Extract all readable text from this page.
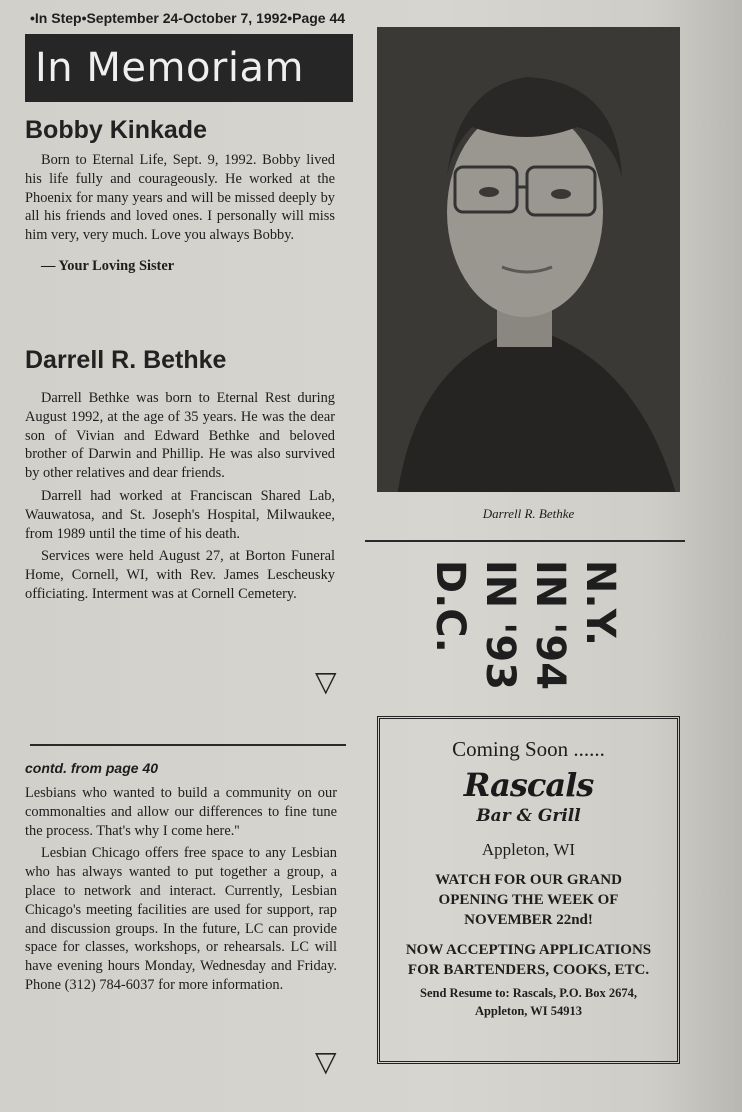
•In Step•September 24-October 7, 1992•Page 44
In Memoriam
Bobby Kinkade

Born to Eternal Life, Sept. 9, 1992. Bobby lived his life fully and courageously. He worked at the Phoenix for many years and will be missed deeply by all his friends and loved ones. I personally will miss him very, very much. Love you always Bobby.

— Your Loving Sister

Darrell R. Bethke

Darrell Bethke was born to Eternal Rest during August 1992, at the age of 35 years. He was the dear son of Vivian and Edward Bethke and beloved brother of Darwin and Phillip. He was also survived by other relatives and dear friends.

Darrell had worked at Franciscan Shared Lab, Wauwatosa, and St. Joseph's Hospital, Milwaukee, from 1989 until the time of his death.

Services were held August 27, at Borton Funeral Home, Cornell, WI, with Rev. James Lescheusky officiating. Interment was at Cornell Cemetery.

▽
contd. from page 40

Lesbians who wanted to build a community on our commonalties and allow our differences to fine tune the process. That's why I come here.''

Lesbian Chicago offers free space to any Lesbian who has always wanted to put together a group, a place to network and interact. Currently, Lesbian Chicago's meeting facilities are used for support, rap and discussion groups. In the future, LC can provide space for classes, workshops, or rehearsals. LC will have evening hours Monday, Wednesday and Friday. Phone (312) 784-6037 for more information.

▽
Darrell R. Bethke
N.Y.
IN '94
IN '93
D.C.
Coming Soon ......
Rascals
Bar & Grill
Appleton, WI
WATCH FOR OUR GRAND OPENING THE WEEK OF NOVEMBER 22nd!
NOW ACCEPTING APPLICATIONS FOR BARTENDERS, COOKS, ETC.
Send Resume to: Rascals, P.O. Box 2674, Appleton, WI 54913
